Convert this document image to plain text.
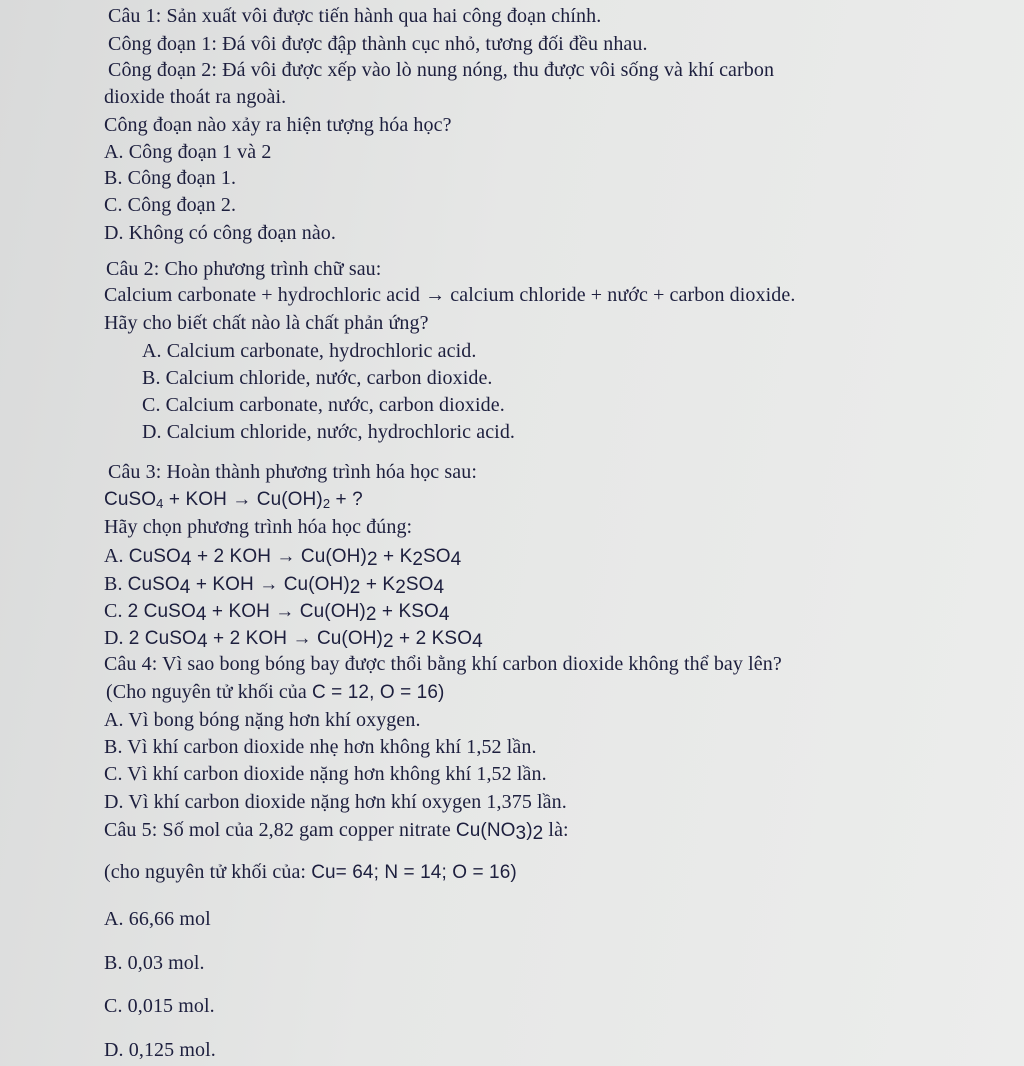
Câu 1: Sản xuất vôi được tiến hành qua hai công đoạn chính.
Công đoạn 1: Đá vôi được đập thành cục nhỏ, tương đối đều nhau.
Công đoạn 2: Đá vôi được xếp vào lò nung nóng, thu được vôi sống và khí carbon
dioxide thoát ra ngoài.
Công đoạn nào xảy ra hiện tượng hóa học?
A. Công đoạn 1 và 2
B. Công đoạn 1.
C. Công đoạn 2.
D. Không có công đoạn nào.
Câu 2: Cho phương trình chữ sau:
Calcium carbonate + hydrochloric acid → calcium chloride + nước + carbon dioxide.
Hãy cho biết chất nào là chất phản ứng?
A. Calcium carbonate, hydrochloric acid.
B. Calcium chloride, nước, carbon dioxide.
C. Calcium carbonate, nước, carbon dioxide.
D. Calcium chloride, nước, hydrochloric acid.
Câu 3: Hoàn thành phương trình hóa học sau:
CuSO$_4$ + KOH → $Cu(OH)_2$ + ?
Hãy chọn phương trình hóa học đúng:
A. CuSO$_4$ + 2 KOH → $Cu(OH)_2 + K_2SO_4$
B. CuSO$_4$ + KOH → $Cu(OH)_2 + K_2SO_4$
C. 2 CuSO$_4$ + KOH → $Cu(OH)_2 + KSO_4$
D. 2 CuSO$_4$ + 2 KOH → $Cu(OH)_2 + 2$ $KSO_4$
Câu 4: Vì sao bong bóng bay được thổi bằng khí carbon dioxide không thể bay lên?
(Cho nguyên tử khối của C = 12, O = 16)
A. Vì bong bóng nặng hơn khí oxygen.
B. Vì khí carbon dioxide nhẹ hơn không khí 1,52 lần.
C. Vì khí carbon dioxide nặng hơn không khí 1,52 lần.
D. Vì khí carbon dioxide nặng hơn khí oxygen 1,375 lần.
Câu 5: Số mol của 2,82 gam copper nitrate $Cu(NO_3)_2$ là:
(cho nguyên tử khối của: Cu= 64; N = 14; O = 16)
A. 66,66 mol
B. 0,03 mol.
C. 0,015 mol.
D. 0,125 mol.
